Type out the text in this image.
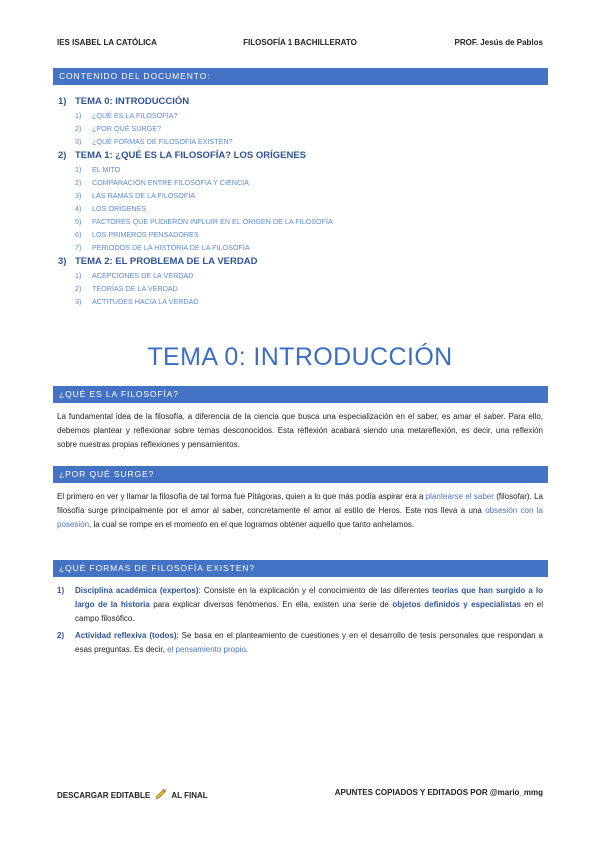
IES ISABEL LA CATÓLICA	FILOSOFÍA 1 BACHILLERATO	PROF. Jesús de Pablos
CONTENIDO DEL DOCUMENTO:
1) TEMA 0: INTRODUCCIÓN
1) ¿QUÉ ES LA FILOSOFÍA?
2) ¿POR QUÉ SURGE?
3) ¿QUÉ FORMAS DE FILOSOFÍA EXISTEN?
2) TEMA 1: ¿QUÉ ES LA FILOSOFÍA? LOS ORÍGENES
1) EL MITO
2) COMPARACIÓN ENTRE FILOSOFÍA Y CIENCIA
3) LAS RAMAS DE LA FILOSOFÍA
4) LOS ORÍGENES
5) FACTORES QUE PUDIERON INFLUIR EN EL ORIGEN DE LA FILOSOFÍA
6) LOS PRIMEROS PENSADORES
7) PERIODOS DE LA HISTORIA DE LA FILOSOFÍA
3) TEMA 2: EL PROBLEMA DE LA VERDAD
1) ACEPCIONES DE LA VERDAD
2) TEORÍAS DE LA VERDAD
3) ACTITUDES HACIA LA VERDAD
TEMA 0: INTRODUCCIÓN
¿QUÉ ES LA FILOSOFÍA?
La fundamental idea de la filosofía, a diferencia de la ciencia que busca una especialización en el saber, es amar el saber. Para ello, debemos plantear y reflexionar sobre temas desconocidos. Esta reflexión acabará siendo una metareflexión, es decir, una reflexión sobre nuestras propias reflexiones y pensamientos.
¿POR QUÉ SURGE?
El primero en ver y llamar la filosofía de tal forma fue Pitágoras, quien a lo que más podía aspirar era a plantearse el saber (filosofar). La filosofía surge principalmente por el amor al saber, concretamente el amor al estilo de Heros. Este nos lleva a una obsesión con la posesión, la cual se rompe en el momento en el que logramos obtener aquello que tanto anhelamos.
¿QUÉ FORMAS DE FILOSOFÍA EXISTEN?
1) Disciplina académica (expertos): Consiste en la explicación y el conocimiento de las diferentes teorías que han surgido a lo largo de la historia para explicar diversos fenómenos. En ella, existen una serie de objetos definidos y especialistas en el campo filosófico.
2) Actividad reflexiva (todos): Se basa en el planteamiento de cuestiones y en el desarrollo de tesis personales que respondan a esas preguntas. Es decir, el pensamiento propio.
DESCARGAR EDITABLE	AL FINAL	APUNTES COPIADOS Y EDITADOS POR @mario_mmg
